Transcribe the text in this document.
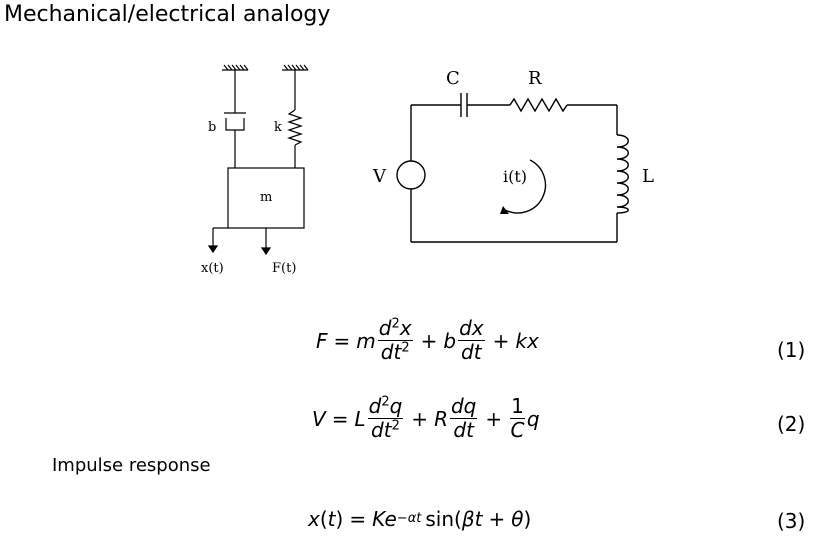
Mechanical/electrical analogy
b	k
m
x(t)	F(t)
C	R
V	i(t)	L
F = m $\frac{d^2x}{dt^2} + b \frac{dx}{dt}$ + kx	(1)
V = L $\frac{d^2q}{dt^2} + R \frac{dq}{dt} + \frac{1}{C}$ q	(2)
Impulse response
x ( t ) = Ke −αt sin( βt + θ )	(3)
